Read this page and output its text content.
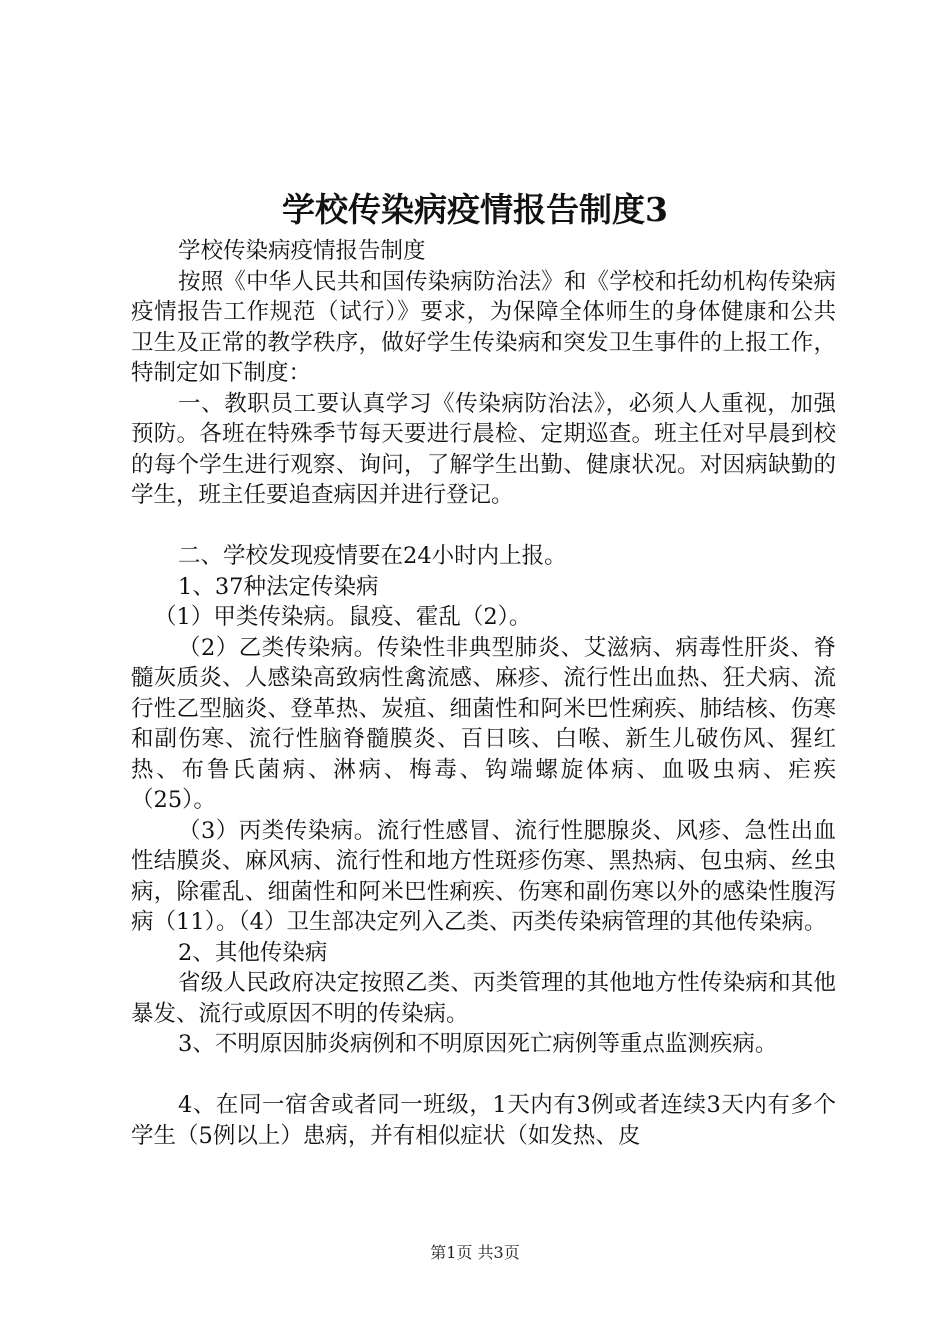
学校传染病疫情报告制度3

学校传染病疫情报告制度

按照《中华人民共和国传染病防治法》和《学校和托幼机构传染病疫情报告工作规范（试行）》要求，为保障全体师生的身体健康和公共卫生及正常的教学秩序，做好学生传染病和突发卫生事件的上报工作，特制定如下制度：

一、教职员工要认真学习《传染病防治法》，必须人人重视，加强预防。各班在特殊季节每天要进行晨检、定期巡查。班主任对早晨到校的每个学生进行观察、询问，了解学生出勤、健康状况。对因病缺勤的学生，班主任要追查病因并进行登记。

二、学校发现疫情要在24小时内上报。

1、37种法定传染病

（1）甲类传染病。鼠疫、霍乱（2）。

（2）乙类传染病。传染性非典型肺炎、艾滋病、病毒性肝炎、脊髓灰质炎、人感染高致病性禽流感、麻疹、流行性出血热、狂犬病、流行性乙型脑炎、登革热、炭疽、细菌性和阿米巴性痢疾、肺结核、伤寒和副伤寒、流行性脑脊髓膜炎、百日咳、白喉、新生儿破伤风、猩红热、布鲁氏菌病、淋病、梅毒、钩端螺旋体病、血吸虫病、疟疾（25）。

（3）丙类传染病。流行性感冒、流行性腮腺炎、风疹、急性出血性结膜炎、麻风病、流行性和地方性斑疹伤寒、黑热病、包虫病、丝虫病，除霍乱、细菌性和阿米巴性痢疾、伤寒和副伤寒以外的感染性腹泻病（11）。（4）卫生部决定列入乙类、丙类传染病管理的其他传染病。

2、其他传染病

省级人民政府决定按照乙类、丙类管理的其他地方性传染病和其他暴发、流行或原因不明的传染病。

3、不明原因肺炎病例和不明原因死亡病例等重点监测疾病。

4、在同一宿舍或者同一班级，1天内有3例或者连续3天内有多个学生（5例以上）患病，并有相似症状（如发热、皮

第1页 共3页
